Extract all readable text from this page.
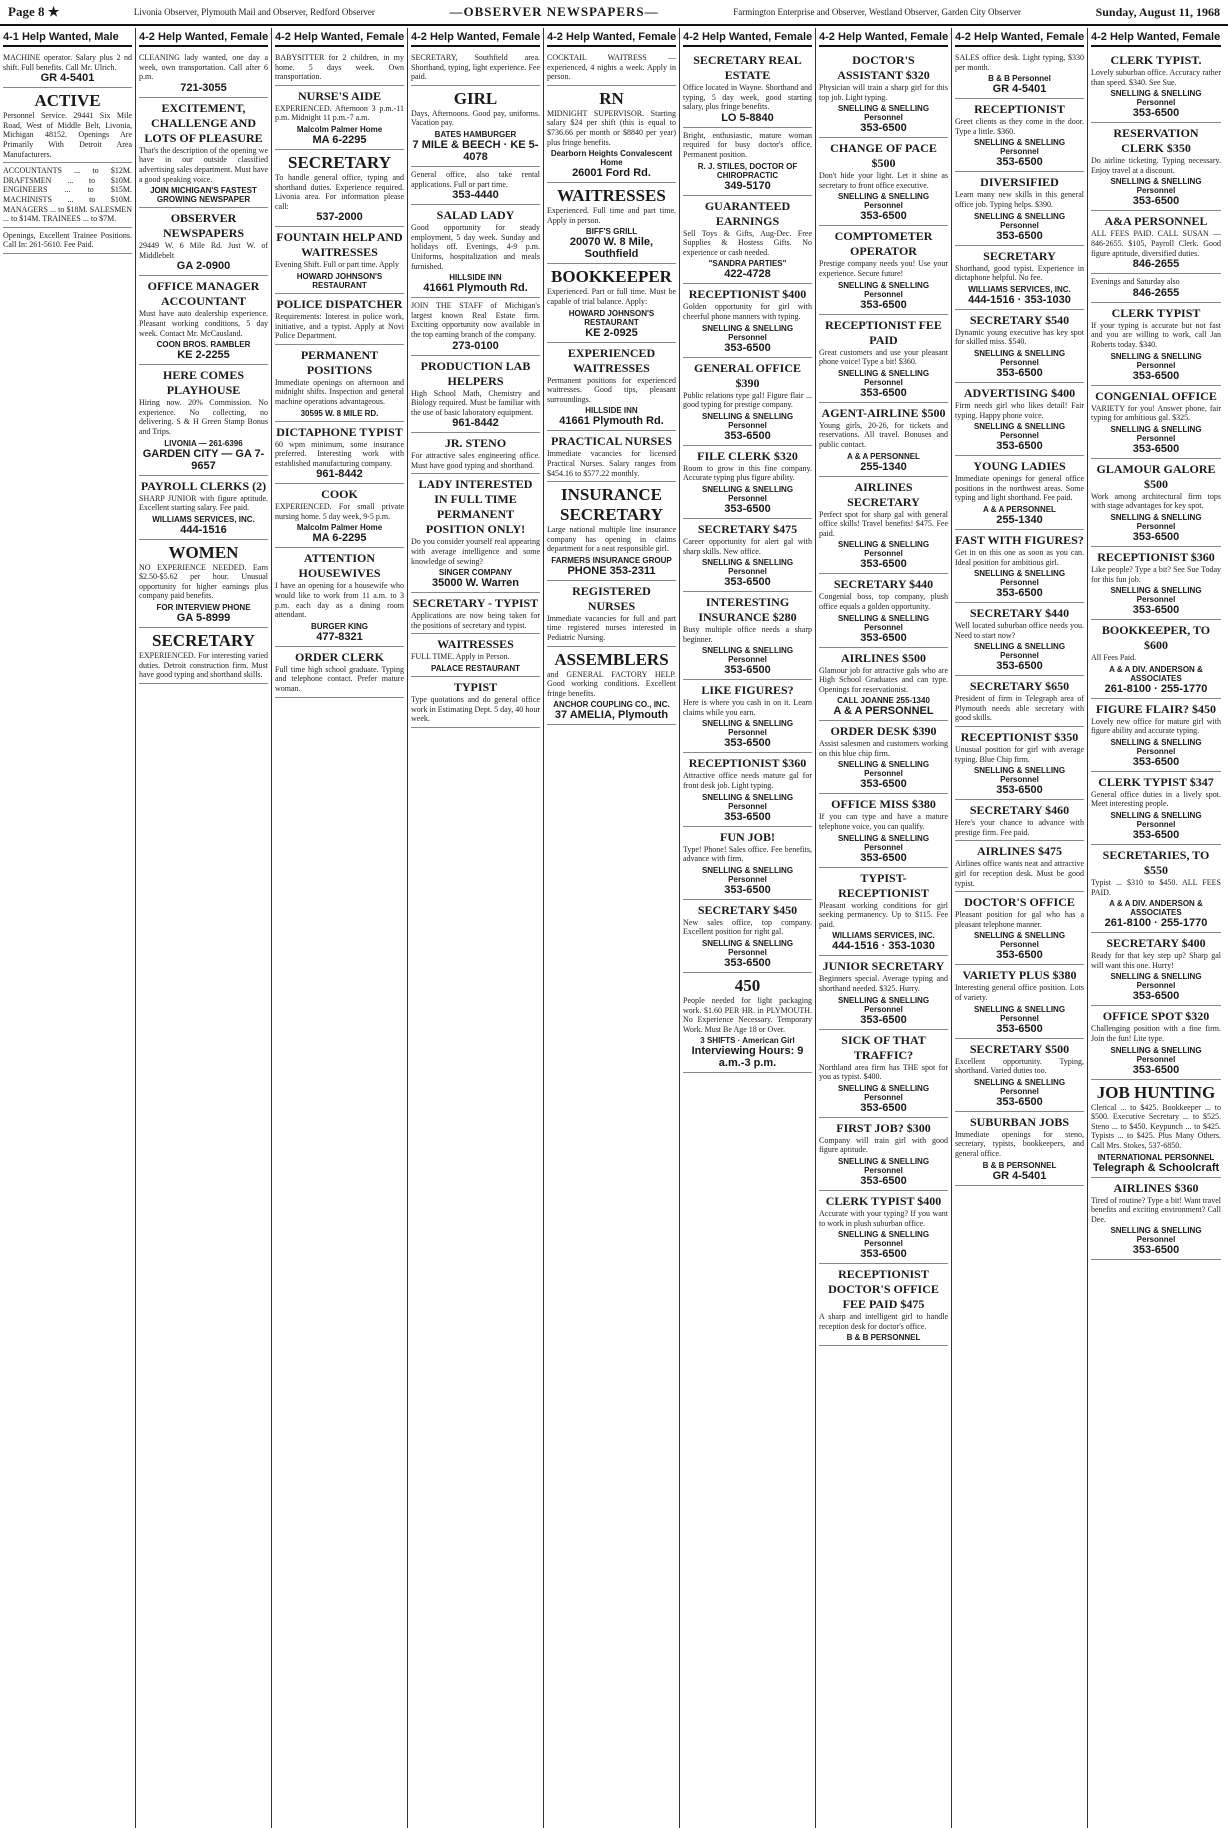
Page 8 ★	Livonia Observer, Plymouth Mail and Observer, Redford Observer	—OBSERVER NEWSPAPERS—	Farmington Enterprise and Observer, Westland Observer, Garden City Observer	Sunday, August 11, 1968
4-1 Help Wanted, Male
MACHINE operator. Salary plus 2 nd shift. Full benefits. Call Mr. Ulrich.
GR 4-5401
ACTIVE
Personnel Service. 29441 Six Mile Road, West of Middle Belt, Livonia, Michigan 48152. Openings Are Primarily With Detroit Area Manufacturers.
ACCOUNTANTS ... to $12M. DRAFTSMEN ... to $10M. ENGINEERS ... to $15M. MACHINISTS ... to $10M. MANAGERS ... to $18M. SALESMEN ... to $14M. TRAINEES ... to $7M.
Openings, Excellent Trainee Positions. Call In: 261-5610. Fee Paid.
4-2 Help Wanted, Female
CLEANING lady wanted, one day a week, own transportation. Call after 6 p.m.
721-3055
EXCITEMENT, CHALLENGE AND LOTS OF PLEASURE
That's the description of the opening we have in our outside classified advertising sales department. Must have a good speaking voice.
JOIN MICHIGAN'S FASTEST GROWING NEWSPAPER
OBSERVER NEWSPAPERS
29449 W. 6 Mile Rd. Just W. of Middlebelt
GA 2-0900
OFFICE MANAGER ACCOUNTANT
Must have auto dealership experience. Pleasant working conditions, 5 day week. Contact Mr. McCausland.
COON BROS. RAMBLER
KE 2-2255
HERE COMES PLAYHOUSE
Hiring now. 20% Commission. No experience. No collecting, no delivering. S & H Green Stamp Bonus and Trips.
LIVONIA — 261-6396
GARDEN CITY — GA 7-9657
PAYROLL CLERKS (2)
SHARP JUNIOR with figure aptitude. Excellent starting salary. Fee paid.
WILLIAMS SERVICES, INC.
444-1516
WOMEN
NO EXPERIENCE NEEDED. Earn $2.50-$5.62 per hour. Unusual opportunity for higher earnings plus company paid benefits.
FOR INTERVIEW PHONE
GA 5-8999
SECRETARY
EXPERIENCED. For interesting varied duties. Detroit construction firm. Must have good typing and shorthand skills.
4-2 Help Wanted, Female
BABYSITTER for 2 children, in my home. 5 days week. Own transportation.
NURSE'S AIDE
EXPERIENCED. Afternoon 3 p.m.-11 p.m. Midnight 11 p.m.-7 a.m.
Malcolm Palmer Home
MA 6-2295
SECRETARY
To handle general office, typing and shorthand duties. Experience required. Livonia area. For information please call:
537-2000
FOUNTAIN HELP AND WAITRESSES
Evening Shift. Full or part time. Apply
HOWARD JOHNSON'S RESTAURANT
POLICE DISPATCHER
Requirements: Interest in police work, initiative, and a typist. Apply at Novi Police Department.
PERMANENT POSITIONS
Immediate openings on afternoon and midnight shifts. Inspection and general machine operations advantageous.
30595 W. 8 MILE RD.
DICTAPHONE TYPIST
60 wpm minimum, some insurance preferred. Interesting work with established manufacturing company.
961-8442
COOK
EXPERIENCED. For small private nursing home. 5 day week, 9-5 p.m.
Malcolm Palmer Home
MA 6-2295
ATTENTION HOUSEWIVES
I have an opening for a housewife who would like to work from 11 a.m. to 3 p.m. each day as a dining room attendant.
BURGER KING
477-8321
ORDER CLERK
Full time high school graduate. Typing and telephone contact. Prefer mature woman.
4-2 Help Wanted, Female
SECRETARY, Southfield area. Shorthand, typing, light experience. Fee paid.
GIRL
Days, Afternoons. Good pay, uniforms. Vacation pay.
BATES HAMBURGER
7 MILE & BEECH · KE 5-4078
General office, also take rental applications. Full or part time.
353-4440
SALAD LADY
Good opportunity for steady employment, 5 day week. Sunday and holidays off. Evenings, 4-9 p.m. Uniforms, hospitalization and meals furnished.
HILLSIDE INN
41661 Plymouth Rd.
JOIN THE STAFF of Michigan's largest known Real Estate firm. Exciting opportunity now available in the top earning branch of the company.
273-0100
PRODUCTION LAB HELPERS
High School Math, Chemistry and Biology required. Must be familiar with the use of basic laboratory equipment.
961-8442
JR. STENO
For attractive sales engineering office. Must have good typing and shorthand.
LADY INTERESTED IN FULL TIME PERMANENT POSITION ONLY!
Do you consider yourself real appearing with average intelligence and some knowledge of sewing?
SINGER COMPANY
35000 W. Warren
SECRETARY - TYPIST
Applications are now being taken for the positions of secretary and typist.
WAITRESSES
FULL TIME. Apply in Person.
PALACE RESTAURANT
TYPIST
Type quotations and do general office work in Estimating Dept. 5 day, 40 hour week.
4-2 Help Wanted, Female
COCKTAIL WAITRESS — experienced, 4 nights a week. Apply in person.
RN
MIDNIGHT SUPERVISOR. Starting salary $24 per shift (this is equal to $736.66 per month or $8840 per year) plus fringe benefits.
Dearborn Heights Convalescent Home
26001 Ford Rd.
WAITRESSES
Experienced. Full time and part time. Apply in person.
BIFF'S GRILL
20070 W. 8 Mile, Southfield
BOOKKEEPER
Experienced. Part or full time. Must be capable of trial balance. Apply:
HOWARD JOHNSON'S RESTAURANT
KE 2-0925
EXPERIENCED WAITRESSES
Permanent positions for experienced waitresses. Good tips, pleasant surroundings.
HILLSIDE INN
41661 Plymouth Rd.
PRACTICAL NURSES
Immediate vacancies for licensed Practical Nurses. Salary ranges from $454.16 to $577.22 monthly.
INSURANCE SECRETARY
Large national multiple line insurance company has opening in claims department for a neat responsible girl.
FARMERS INSURANCE GROUP
PHONE 353-2311
REGISTERED NURSES
Immediate vacancies for full and part time registered nurses interested in Pediatric Nursing.
ASSEMBLERS
and GENERAL FACTORY HELP. Good working conditions. Excellent fringe benefits.
ANCHOR COUPLING CO., INC.
37 AMELIA, Plymouth
4-2 Help Wanted, Female
SECRETARY REAL ESTATE
Office located in Wayne. Shorthand and typing, 5 day week, good starting salary, plus fringe benefits.
LO 5-8840
Bright, enthusiastic, mature woman required for busy doctor's office. Permanent position.
R. J. STILES, DOCTOR OF CHIROPRACTIC
349-5170
GUARANTEED EARNINGS
Sell Toys & Gifts, Aug-Dec. Free Supplies & Hostess Gifts. No experience or cash needed.
"SANDRA PARTIES"
422-4728
RECEPTIONIST $400
Golden opportunity for girl with cheerful phone manners with typing.
SNELLING & SNELLING Personnel
353-6500
GENERAL OFFICE $390
Public relations type gal! Figure flair ... good typing for prestige company.
SNELLING & SNELLING Personnel
353-6500
FILE CLERK $320
Room to grow in this fine company. Accurate typing plus figure ability.
SNELLING & SNELLING Personnel
353-6500
SECRETARY $475
Career opportunity for alert gal with sharp skills. New office.
SNELLING & SNELLING Personnel
353-6500
INTERESTING INSURANCE $280
Busy multiple office needs a sharp beginner.
SNELLING & SNELLING Personnel
353-6500
LIKE FIGURES?
Here is where you cash in on it. Learn claims while you earn.
SNELLING & SNELLING Personnel
353-6500
RECEPTIONIST $360
Attractive office needs mature gal for front desk job. Light typing.
SNELLING & SNELLING Personnel
353-6500
FUN JOB!
Type! Phone! Sales office. Fee benefits, advance with firm.
SNELLING & SNELLING Personnel
353-6500
SECRETARY $450
New sales office, top company. Excellent position for right gal.
SNELLING & SNELLING Personnel
353-6500
450
People needed for light packaging work. $1.60 PER HR. in PLYMOUTH. No Experience Necessary. Temporary Work. Must Be Age 18 or Over.
3 SHIFTS · American Girl
Interviewing Hours: 9 a.m.-3 p.m.
4-2 Help Wanted, Female
DOCTOR'S ASSISTANT $320
Physician will train a sharp girl for this top job. Light typing.
SNELLING & SNELLING Personnel
353-6500
CHANGE OF PACE $500
Don't hide your light. Let it shine as secretary to front office executive.
SNELLING & SNELLING Personnel
353-6500
COMPTOMETER OPERATOR
Prestige company needs you! Use your experience. Secure future!
SNELLING & SNELLING Personnel
353-6500
RECEPTIONIST FEE PAID
Great customers and use your pleasant phone voice! Type a bit! $360.
SNELLING & SNELLING Personnel
353-6500
AGENT-AIRLINE $500
Young girls, 20-26, for tickets and reservations. All travel. Bonuses and public contact.
A & A PERSONNEL
255-1340
AIRLINES SECRETARY
Perfect spot for sharp gal with general office skills! Travel benefits! $475. Fee paid.
SNELLING & SNELLING Personnel
353-6500
SECRETARY $440
Congenial boss, top company, plush office equals a golden opportunity.
SNELLING & SNELLING Personnel
353-6500
AIRLINES $500
Glamour job for attractive gals who are High School Graduates and can type. Openings for reservationist.
CALL JOANNE 255-1340
A & A PERSONNEL
ORDER DESK $390
Assist salesmen and customers working on this blue chip firm.
SNELLING & SNELLING Personnel
353-6500
OFFICE MISS $380
If you can type and have a mature telephone voice, you can qualify.
SNELLING & SNELLING Personnel
353-6500
TYPIST-RECEPTIONIST
Pleasant working conditions for girl seeking permanency. Up to $115. Fee paid.
WILLIAMS SERVICES, INC.
444-1516 · 353-1030
JUNIOR SECRETARY
Beginners special. Average typing and shorthand needed. $325. Hurry.
SNELLING & SNELLING Personnel
353-6500
SICK OF THAT TRAFFIC?
Northland area firm has THE spot for you as typist. $400.
SNELLING & SNELLING Personnel
353-6500
FIRST JOB? $300
Company will train girl with good figure aptitude.
SNELLING & SNELLING Personnel
353-6500
CLERK TYPIST $400
Accurate with your typing? If you want to work in plush suburban office.
SNELLING & SNELLING Personnel
353-6500
RECEPTIONIST DOCTOR'S OFFICE FEE PAID $475
A sharp and intelligent girl to handle reception desk for doctor's office.
B & B PERSONNEL
4-2 Help Wanted, Female
SALES office desk. Light typing, $330 per month.
B & B Personnel
GR 4-5401
RECEPTIONIST
Greet clients as they come in the door. Type a little. $360.
SNELLING & SNELLING Personnel
353-6500
DIVERSIFIED
Learn many new skills in this general office job. Typing helps. $390.
SNELLING & SNELLING Personnel
353-6500
SECRETARY
Shorthand, good typist. Experience in dictaphone helpful. No fee.
WILLIAMS SERVICES, INC.
444-1516 · 353-1030
SECRETARY $540
Dynamic young executive has key spot for skilled miss. $540.
SNELLING & SNELLING Personnel
353-6500
ADVERTISING $400
Firm needs girl who likes detail! Fair typing. Happy phone voice.
SNELLING & SNELLING Personnel
353-6500
YOUNG LADIES
Immediate openings for general office positions in the northwest areas. Some typing and light shorthand. Fee paid.
A & A PERSONNEL
255-1340
FAST WITH FIGURES?
Get in on this one as soon as you can. Ideal position for ambitious girl.
SNELLING & SNELLING Personnel
353-6500
SECRETARY $440
Well located suburban office needs you. Need to start now?
SNELLING & SNELLING Personnel
353-6500
SECRETARY $650
President of firm in Telegraph area of Plymouth needs able secretary with good skills.
RECEPTIONIST $350
Unusual position for girl with average typing. Blue Chip firm.
SNELLING & SNELLING Personnel
353-6500
SECRETARY $460
Here's your chance to advance with prestige firm. Fee paid.
AIRLINES $475
Airlines office wants neat and attractive girl for reception desk. Must be good typist.
DOCTOR'S OFFICE
Pleasant position for gal who has a pleasant telephone manner.
SNELLING & SNELLING Personnel
353-6500
VARIETY PLUS $380
Interesting general office position. Lots of variety.
SNELLING & SNELLING Personnel
353-6500
SECRETARY $500
Excellent opportunity. Typing, shorthand. Varied duties too.
SNELLING & SNELLING Personnel
353-6500
SUBURBAN JOBS
Immediate openings for steno, secretary, typists, bookkeepers, and general office.
B & B PERSONNEL
GR 4-5401
4-2 Help Wanted, Female
CLERK TYPIST.
Lovely suburban office. Accuracy rather than speed. $340. See Sue.
SNELLING & SNELLING Personnel
353-6500
RESERVATION CLERK $350
Do airline ticketing. Typing necessary. Enjoy travel at a discount.
SNELLING & SNELLING Personnel
353-6500
A&A PERSONNEL
ALL FEES PAID. CALL SUSAN — 846-2655. $105, Payroll Clerk. Good figure aptitude, diversified duties.
846-2655
Evenings and Saturday also
846-2655
CLERK TYPIST
If your typing is accurate but not fast and you are willing to work, call Jan Roberts today. $340.
SNELLING & SNELLING Personnel
353-6500
CONGENIAL OFFICE
VARIETY for you! Answer phone, fair typing for ambitious gal. $325.
SNELLING & SNELLING Personnel
353-6500
GLAMOUR GALORE $500
Work among architectural firm tops with stage advantages for key spot.
SNELLING & SNELLING Personnel
353-6500
RECEPTIONIST $360
Like people? Type a bit? See Sue Today for this fun job.
SNELLING & SNELLING Personnel
353-6500
BOOKKEEPER, TO $600
All Fees Paid.
A & A DIV. ANDERSON & ASSOCIATES
261-8100 · 255-1770
FIGURE FLAIR? $450
Lovely new office for mature girl with figure ability and accurate typing.
SNELLING & SNELLING Personnel
353-6500
CLERK TYPIST $347
General office duties in a lively spot. Meet interesting people.
SNELLING & SNELLING Personnel
353-6500
SECRETARIES, TO $550
Typist ... $310 to $450. ALL FEES PAID.
A & A DIV. ANDERSON & ASSOCIATES
261-8100 · 255-1770
SECRETARY $400
Ready for that key step up? Sharp gal will want this one. Hurry!
SNELLING & SNELLING Personnel
353-6500
OFFICE SPOT $320
Challenging position with a fine firm. Join the fun! Lite type.
SNELLING & SNELLING Personnel
353-6500
JOB HUNTING
Clerical ... to $425. Bookkeeper ... to $500. Executive Secretary ... to $525. Steno ... to $450. Keypunch ... to $425. Typists ... to $425. Plus Many Others. Call Mrs. Stokes, 537-6850.
INTERNATIONAL PERSONNEL
Telegraph & Schoolcraft
AIRLINES $360
Tired of routine? Type a bit! Want travel benefits and exciting environment? Call Dee.
SNELLING & SNELLING Personnel
353-6500
